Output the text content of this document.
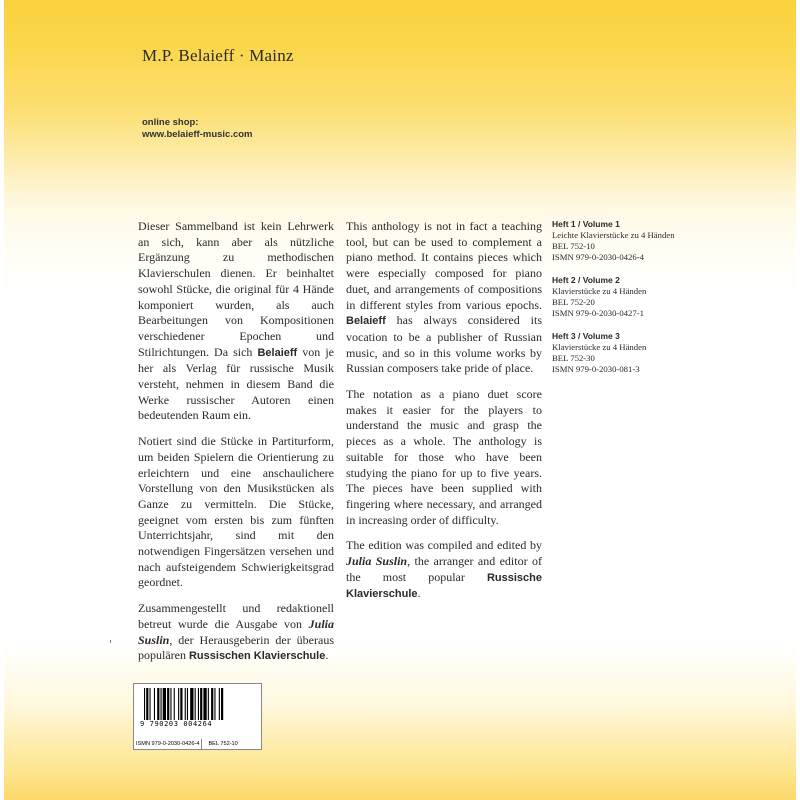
M.P. Belaieff · Mainz
online shop:
www.belaieff-music.com

Dieser Sammelband ist kein Lehrwerk an sich, kann aber als nützliche Ergänzung zu methodischen Klavierschulen dienen. Er beinhaltet sowohl Stücke, die original für 4 Hände komponiert wurden, als auch Bearbeitungen von Kompositionen verschiedener Epochen und Stilrichtungen. Da sich Belaieff von je her als Verlag für russische Musik versteht, nehmen in diesem Band die Werke russischer Autoren einen bedeutenden Raum ein.

Notiert sind die Stücke in Partiturform, um beiden Spielern die Orientierung zu erleichtern und eine anschaulichere Vorstellung von den Musikstücken als Ganze zu vermitteln. Die Stücke, geeignet vom ersten bis zum fünften Unterrichtsjahr, sind mit den notwendigen Fingersätzen versehen und nach aufsteigendem Schwierigkeitsgrad geordnet.

Zusammengestellt und redaktionell betreut wurde die Ausgabe von Julia Suslin, der Herausgeberin der überaus populären Russischen Klavierschule.

This anthology is not in fact a teaching tool, but can be used to complement a piano method. It contains pieces which were especially composed for piano duet, and arrangements of compositions in different styles from various epochs. Belaieff has always considered its vocation to be a publisher of Russian music, and so in this volume works by Russian composers take pride of place.

The notation as a piano duet score makes it easier for the players to understand the music and grasp the pieces as a whole. The anthology is suitable for those who have been studying the piano for up to five years. The pieces have been supplied with fingering where necessary, and arranged in increasing order of difficulty.

The edition was compiled and edited by Julia Suslin, the arranger and editor of the most popular Russische Klavierschule.

Heft 1 / Volume 1
Leichte Klavierstücke zu 4 Händen
BEL 752-10
ISMN 979-0-2030-0426-4
Heft 2 / Volume 2
Klavierstücke zu 4 Händen
BEL 752-20
ISMN 979-0-2030-0427-1
Heft 3 / Volume 3
Klavierstücke zu 4 Händen
BEL 752-30
ISMN 979-0-2030-081-3
9 790203 004264
ISMN 979-0-2030-0426-4	BEL 752-10
